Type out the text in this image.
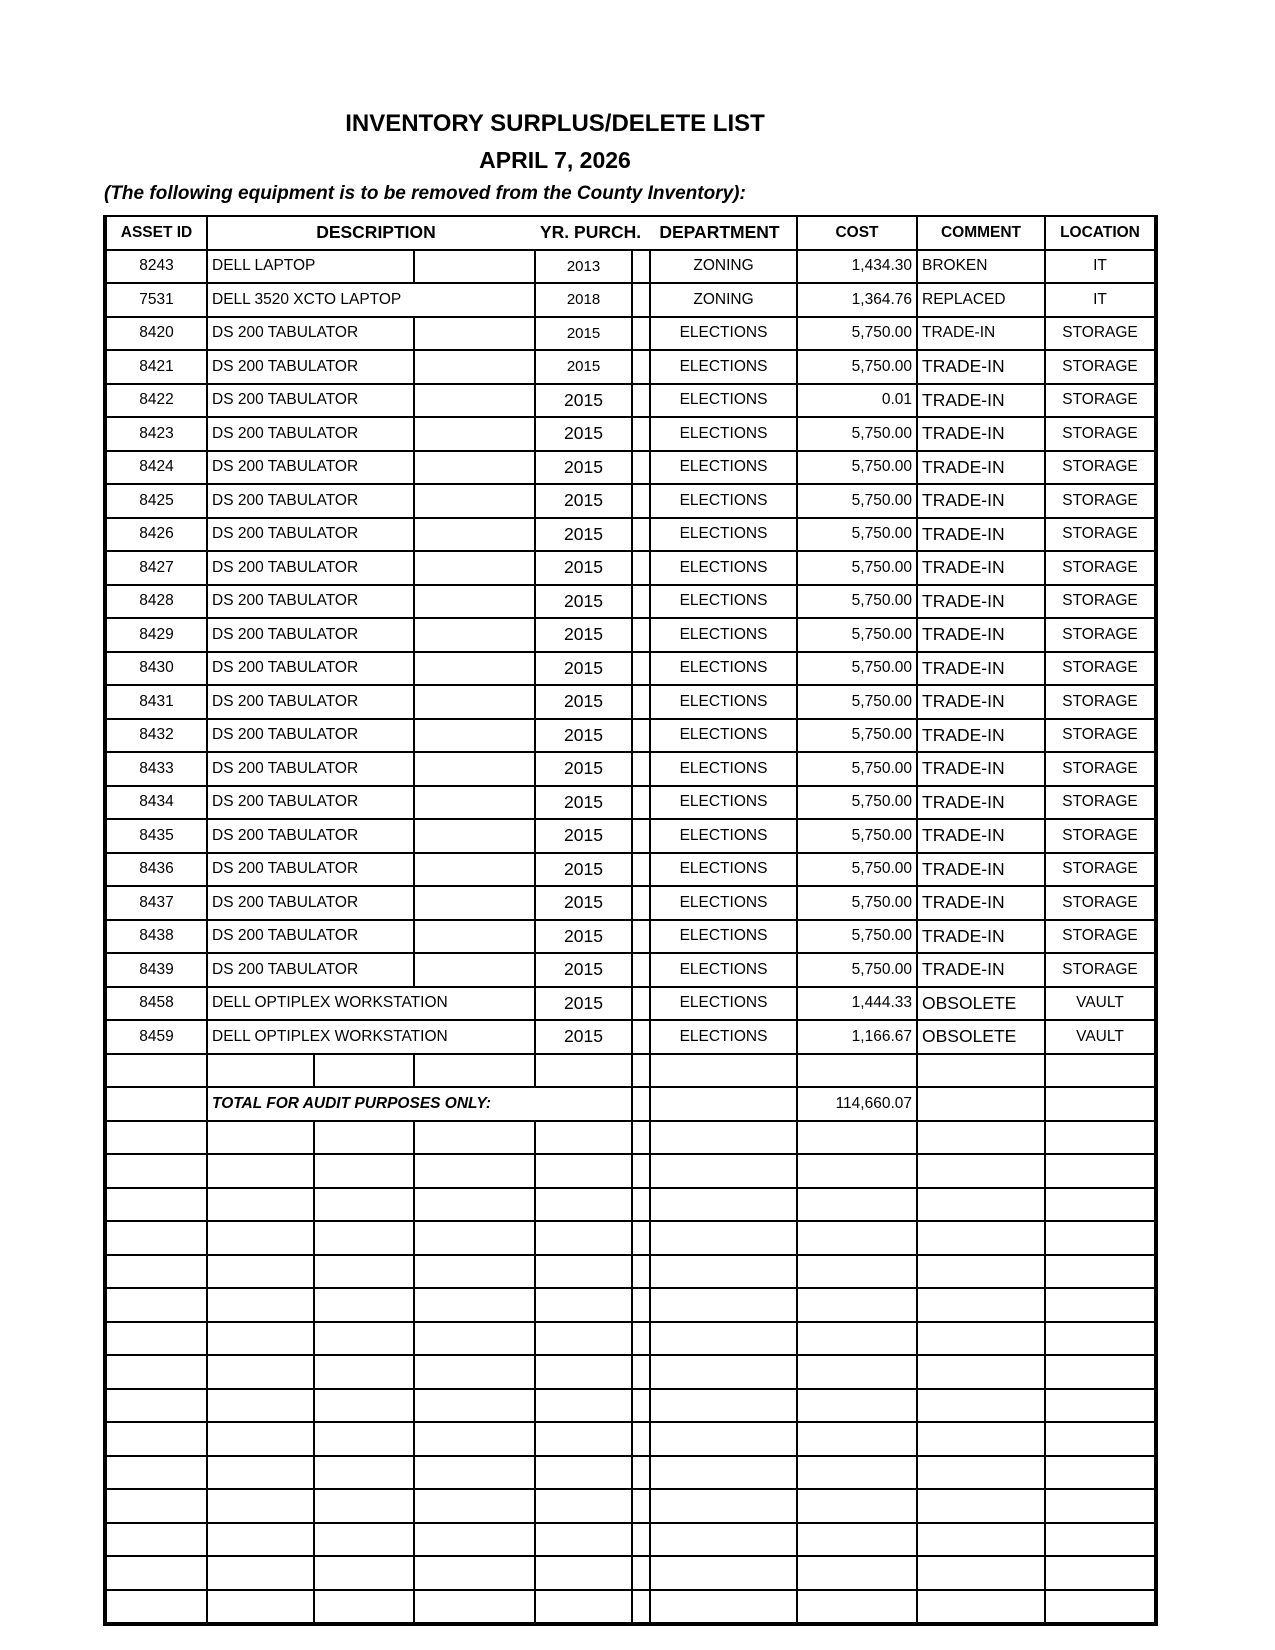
INVENTORY SURPLUS/DELETE LIST
APRIL 7, 2026
(The following equipment is to be removed from the County Inventory):
ASSET ID	DESCRIPTION YR. PURCH. DEPARTMENT						COST	COMMENT	LOCATION
8243	DELL LAPTOP			2013		ZONING	1,434.30	BROKEN	IT
7531	DELL 3520 XCTO LAPTOP			2018		ZONING	1,364.76	REPLACED	IT
8420	DS 200 TABULATOR			2015		ELECTIONS	5,750.00	TRADE-IN	STORAGE
8421	DS 200 TABULATOR			2015		ELECTIONS	5,750.00	TRADE-IN	STORAGE
8422	DS 200 TABULATOR			2015		ELECTIONS	0.01	TRADE-IN	STORAGE
8423	DS 200 TABULATOR			2015		ELECTIONS	5,750.00	TRADE-IN	STORAGE
8424	DS 200 TABULATOR			2015		ELECTIONS	5,750.00	TRADE-IN	STORAGE
8425	DS 200 TABULATOR			2015		ELECTIONS	5,750.00	TRADE-IN	STORAGE
8426	DS 200 TABULATOR			2015		ELECTIONS	5,750.00	TRADE-IN	STORAGE
8427	DS 200 TABULATOR			2015		ELECTIONS	5,750.00	TRADE-IN	STORAGE
8428	DS 200 TABULATOR			2015		ELECTIONS	5,750.00	TRADE-IN	STORAGE
8429	DS 200 TABULATOR			2015		ELECTIONS	5,750.00	TRADE-IN	STORAGE
8430	DS 200 TABULATOR			2015		ELECTIONS	5,750.00	TRADE-IN	STORAGE
8431	DS 200 TABULATOR			2015		ELECTIONS	5,750.00	TRADE-IN	STORAGE
8432	DS 200 TABULATOR			2015		ELECTIONS	5,750.00	TRADE-IN	STORAGE
8433	DS 200 TABULATOR			2015		ELECTIONS	5,750.00	TRADE-IN	STORAGE
8434	DS 200 TABULATOR			2015		ELECTIONS	5,750.00	TRADE-IN	STORAGE
8435	DS 200 TABULATOR			2015		ELECTIONS	5,750.00	TRADE-IN	STORAGE
8436	DS 200 TABULATOR			2015		ELECTIONS	5,750.00	TRADE-IN	STORAGE
8437	DS 200 TABULATOR			2015		ELECTIONS	5,750.00	TRADE-IN	STORAGE
8438	DS 200 TABULATOR			2015		ELECTIONS	5,750.00	TRADE-IN	STORAGE
8439	DS 200 TABULATOR			2015		ELECTIONS	5,750.00	TRADE-IN	STORAGE
8458	DELL OPTIPLEX WORKSTATION			2015		ELECTIONS	1,444.33	OBSOLETE	VAULT
8459	DELL OPTIPLEX WORKSTATION			2015		ELECTIONS	1,166.67	OBSOLETE	VAULT

	TOTAL FOR AUDIT PURPOSES ONLY:						114,660.07		
